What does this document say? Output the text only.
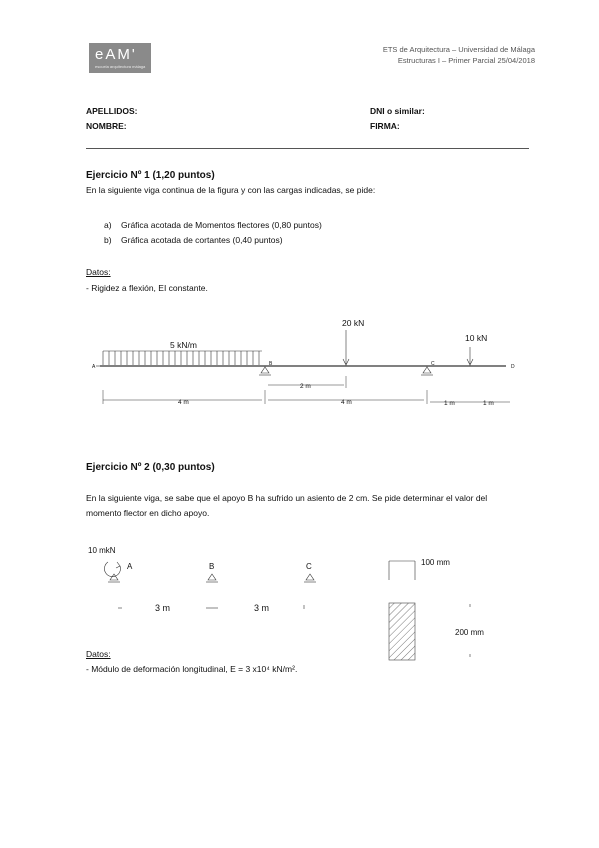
eAM'
escuela arquitectura málaga
ETS de Arquitectura – Universidad de Málaga
Estructuras I – Primer Parcial 25/04/2018
APELLIDOS:
NOMBRE:
DNI o similar:
FIRMA:
Ejercicio Nº 1 (1,20 puntos)
En la siguiente viga continua de la figura y con las cargas indicadas, se pide:
a) Gráfica acotada de Momentos flectores (0,80 puntos)
b) Gráfica acotada de cortantes (0,40 puntos)
Datos:
- Rigidez a flexión, EI constante.
5 kN/m
20 kN
10 kN
A	B	C	D
2 m
4 m	4 m	1 m	1 m
Ejercicio Nº 2 (0,30 puntos)
En la siguiente viga, se sabe que el apoyo B ha sufrido un asiento de 2 cm. Se pide determinar el valor del
momento flector en dicho apoyo.
Datos:
- Módulo de deformación longitudinal, E = 3 x10⁴ kN/m².
10 mkN
A	B	C
3 m	3 m
100 mm
200 mm
